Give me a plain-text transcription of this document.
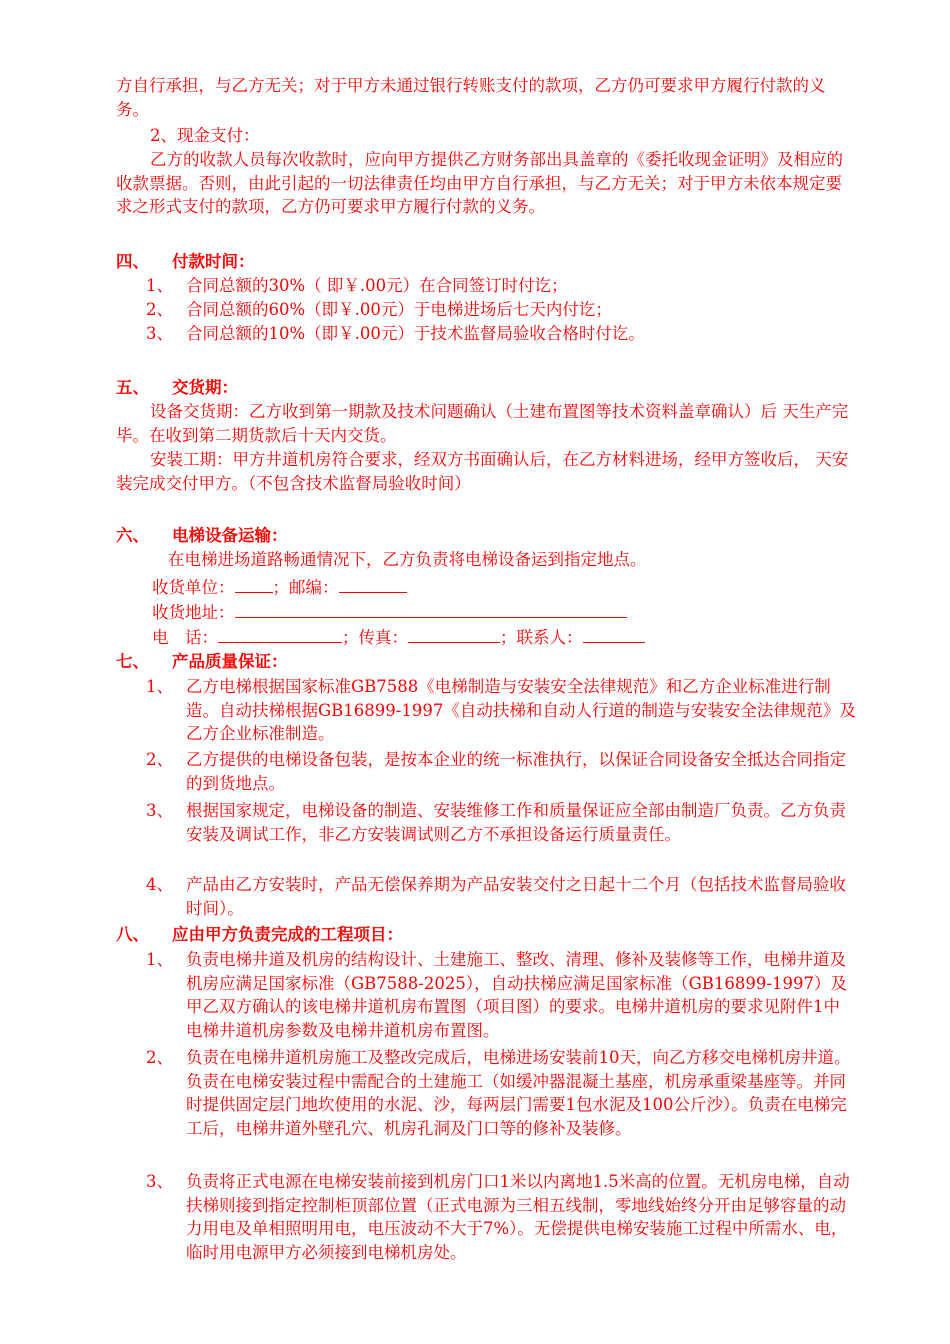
方自行承担，与乙方无关；对于甲方未通过银行转账支付的款项，乙方仍可要求甲方履行付款的义务。

2、现金支付：

乙方的收款人员每次收款时，应向甲方提供乙方财务部出具盖章的《委托收现金证明》及相应的收款票据。否则，由此引起的一切法律责任均由甲方自行承担，与乙方无关；对于甲方未依本规定要求之形式支付的款项，乙方仍可要求甲方履行付款的义务。

四、 付款时间：

1、 合同总额的30%（ 即￥.00元）在合同签订时付讫；
2、 合同总额的60%（即￥.00元）于电梯进场后七天内付讫；
3、 合同总额的10%（即￥.00元）于技术监督局验收合格时付讫。

五、 交货期：

设备交货期：乙方收到第一期款及技术问题确认（土建布置图等技术资料盖章确认）后 天生产完毕。在收到第二期货款后十天内交货。

安装工期：甲方井道机房符合要求，经双方书面确认后，在乙方材料进场，经甲方签收后， 天安装完成交付甲方。（不包含技术监督局验收时间）

六、 电梯设备运输：

在电梯进场道路畅通情况下，乙方负责将电梯设备运到指定地点。

收货单位： ；邮编：

收货地址：

电　话：	；传真：	；联系人：

七、 产品质量保证：

1、 乙方电梯根据国家标准GB7588《电梯制造与安装安全法律规范》和乙方企业标准进行制造。自动扶梯根据GB16899-1997《自动扶梯和自动人行道的制造与安装安全法律规范》及乙方企业标准制造。
2、 乙方提供的电梯设备包装，是按本企业的统一标准执行，以保证合同设备安全抵达合同指定的到货地点。
3、 根据国家规定，电梯设备的制造、安装维修工作和质量保证应全部由制造厂负责。乙方负责安装及调试工作，非乙方安装调试则乙方不承担设备运行质量责任。
4、 产品由乙方安装时，产品无偿保养期为产品安装交付之日起十二个月（包括技术监督局验收时间）。

八、 应由甲方负责完成的工程项目：

1、 负责电梯井道及机房的结构设计、土建施工、整改、清理、修补及装修等工作，电梯井道及机房应满足国家标准（GB7588-2025），自动扶梯应满足国家标准（GB16899-1997）及甲乙双方确认的该电梯井道机房布置图（项目图）的要求。电梯井道机房的要求见附件1中电梯井道机房参数及电梯井道机房布置图。
2、 负责在电梯井道机房施工及整改完成后，电梯进场安装前10天，向乙方移交电梯机房井道。负责在电梯安装过程中需配合的土建施工（如缓冲器混凝土基座，机房承重梁基座等。并同时提供固定层门地坎使用的水泥、沙，每两层门需要1包水泥及100公斤沙）。负责在电梯完工后，电梯井道外壁孔穴、机房孔洞及门口等的修补及装修。
3、 负责将正式电源在电梯安装前接到机房门口1米以内离地1.5米高的位置。无机房电梯，自动扶梯则接到指定控制柜顶部位置（正式电源为三相五线制，零地线始终分开由足够容量的动力用电及单相照明用电，电压波动不大于7%）。无偿提供电梯安装施工过程中所需水、电，临时用电源甲方必须接到电梯机房处。
